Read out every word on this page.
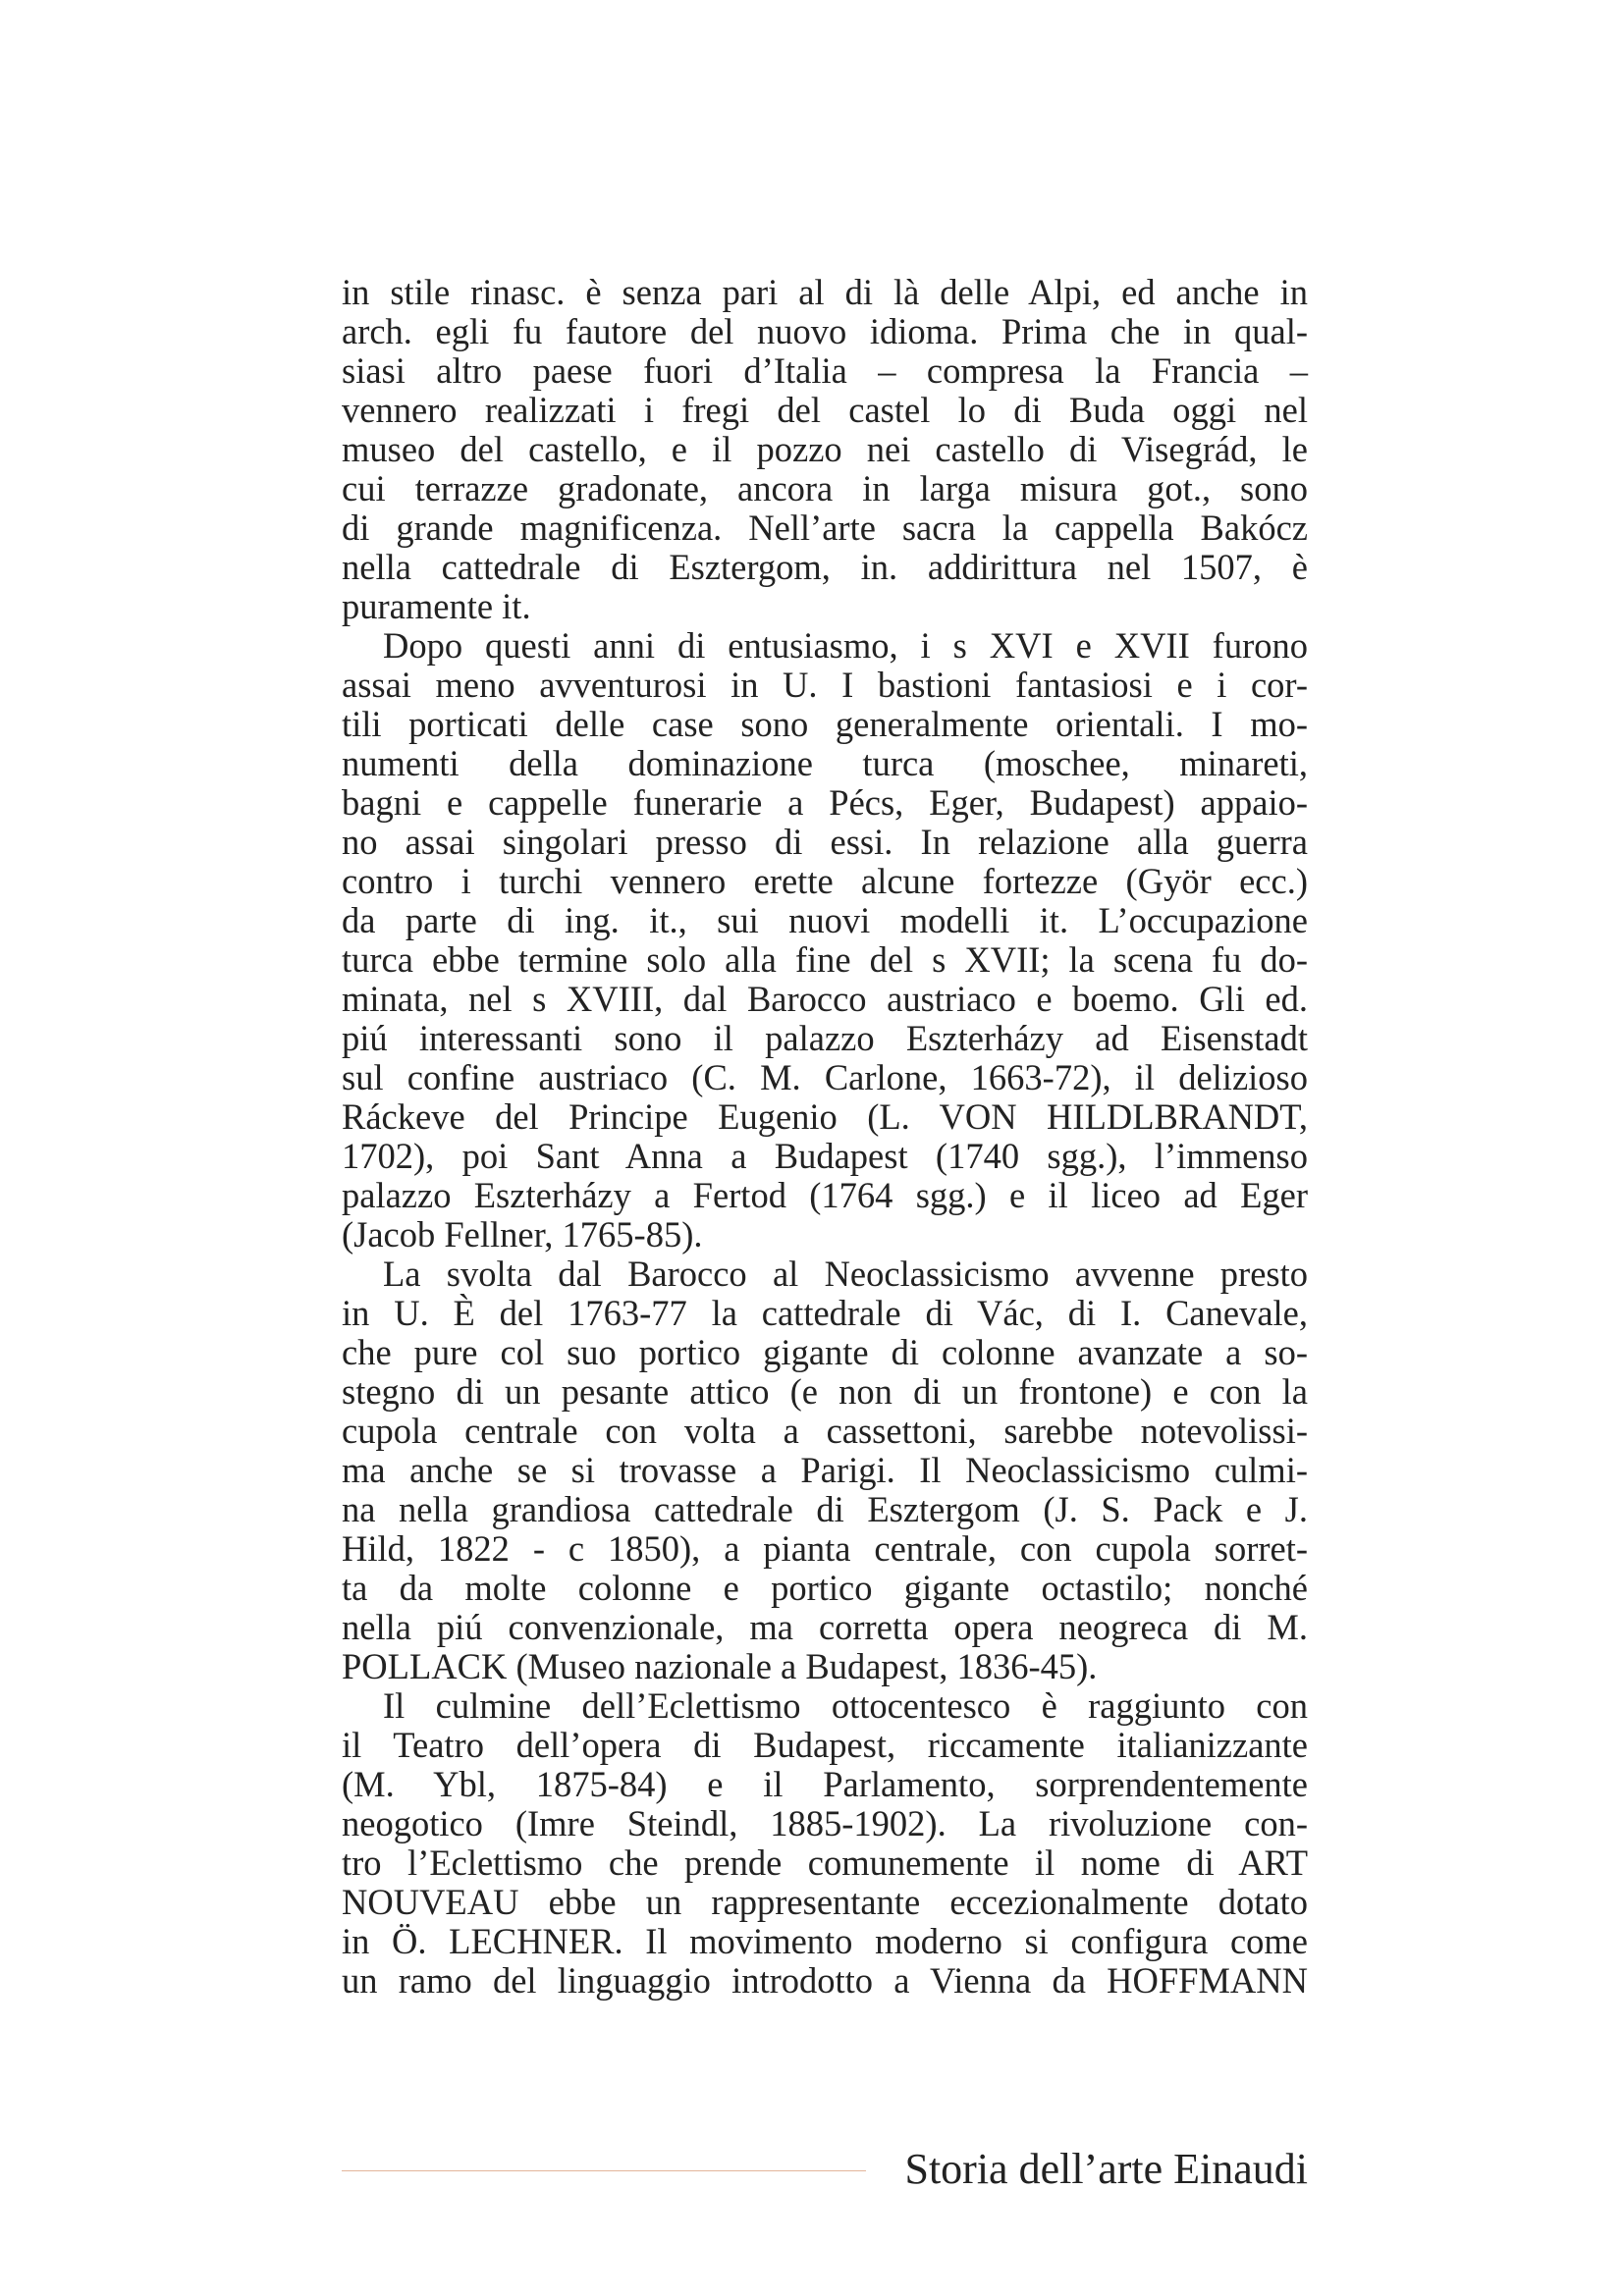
in stile rinasc. è senza pari al di là delle Alpi, ed anche in
arch. egli fu fautore del nuovo idioma. Prima che in qual-
siasi altro paese fuori d’Italia – compresa la Francia –
vennero realizzati i fregi del castel lo di Buda oggi nel
museo del castello, e il pozzo nei castello di Visegrád, le
cui terrazze gradonate, ancora in larga misura got., sono
di grande magnificenza. Nell’arte sacra la cappella Bakócz
nella cattedrale di Esztergom, in. addirittura nel 1507, è
puramente it.
Dopo questi anni di entusiasmo, i s XVI e XVII furono
assai meno avventurosi in U. I bastioni fantasiosi e i cor-
tili porticati delle case sono generalmente orientali. I mo-
numenti della dominazione turca (moschee, minareti,
bagni e cappelle funerarie a Pécs, Eger, Budapest) appaio-
no assai singolari presso di essi. In relazione alla guerra
contro i turchi vennero erette alcune fortezze (Györ ecc.)
da parte di ing. it., sui nuovi modelli it. L’occupazione
turca ebbe termine solo alla fine del s XVII; la scena fu do-
minata, nel s XVIII, dal Barocco austriaco e boemo. Gli ed.
piú interessanti sono il palazzo Eszterházy ad Eisenstadt
sul confine austriaco (C. M. Carlone, 1663-72), il delizioso
Ráckeve del Principe Eugenio (L. VON HILDLBRANDT,
1702), poi Sant Anna a Budapest (1740 sgg.), l’immenso
palazzo Eszterházy a Fertod (1764 sgg.) e il liceo ad Eger
(Jacob Fellner, 1765-85).
La svolta dal Barocco al Neoclassicismo avvenne presto
in U. È del 1763-77 la cattedrale di Vác, di I. Canevale,
che pure col suo portico gigante di colonne avanzate a so-
stegno di un pesante attico (e non di un frontone) e con la
cupola centrale con volta a cassettoni, sarebbe notevolissi-
ma anche se si trovasse a Parigi. Il Neoclassicismo culmi-
na nella grandiosa cattedrale di Esztergom (J. S. Pack e J.
Hild, 1822 - c 1850), a pianta centrale, con cupola sorret-
ta da molte colonne e portico gigante octastilo; nonché
nella piú convenzionale, ma corretta opera neogreca di M.
POLLACK (Museo nazionale a Budapest, 1836-45).
Il culmine dell’Eclettismo ottocentesco è raggiunto con
il Teatro dell’opera di Budapest, riccamente italianizzante
(M. Ybl, 1875-84) e il Parlamento, sorprendentemente
neogotico (Imre Steindl, 1885-1902). La rivoluzione con-
tro l’Eclettismo che prende comunemente il nome di ART
NOUVEAU ebbe un rappresentante eccezionalmente dotato
in Ö. LECHNER. Il movimento moderno si configura come
un ramo del linguaggio introdotto a Vienna da HOFFMANN
Storia dell’arte Einaudi
